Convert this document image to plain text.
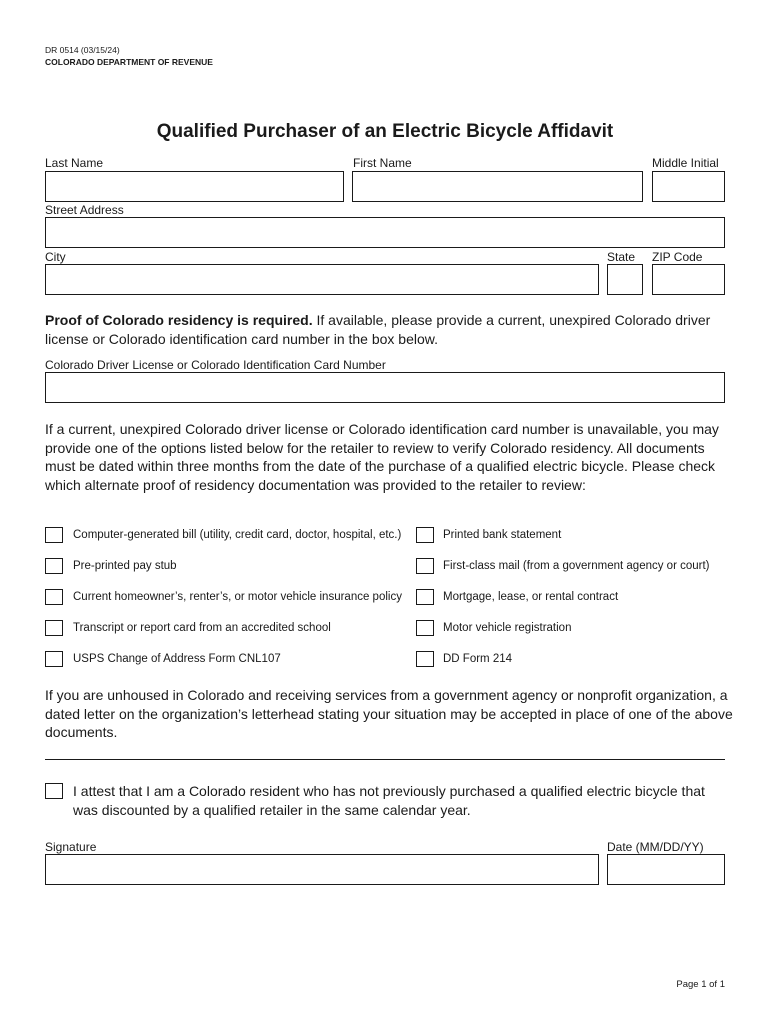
DR 0514 (03/15/24)
COLORADO DEPARTMENT OF REVENUE
Qualified Purchaser of an Electric Bicycle Affidavit
Last Name	First Name	Middle Initial
Street Address
City	State ZIP Code
Proof of Colorado residency is required. If available, please provide a current, unexpired Colorado driver license or Colorado identification card number in the box below.
Colorado Driver License or Colorado Identification Card Number
If a current, unexpired Colorado driver license or Colorado identification card number is unavailable, you may provide one of the options listed below for the retailer to review to verify Colorado residency. All documents must be dated within three months from the date of the purchase of a qualified electric bicycle. Please check which alternate proof of residency documentation was provided to the retailer to review:
Computer-generated bill (utility, credit card, doctor, hospital, etc.)
Pre-printed pay stub
Current homeowner’s, renter’s, or motor vehicle insurance policy
Transcript or report card from an accredited school
USPS Change of Address Form CNL107
Printed bank statement
First-class mail (from a government agency or court)
Mortgage, lease, or rental contract
Motor vehicle registration
DD Form 214
If you are unhoused in Colorado and receiving services from a government agency or nonprofit organization, a dated letter on the organization’s letterhead stating your situation may be accepted in place of one of the above documents.
I attest that I am a Colorado resident who has not previously purchased a qualified electric bicycle that was discounted by a qualified retailer in the same calendar year.
Signature	Date (MM/DD/YY)
Page 1 of 1
